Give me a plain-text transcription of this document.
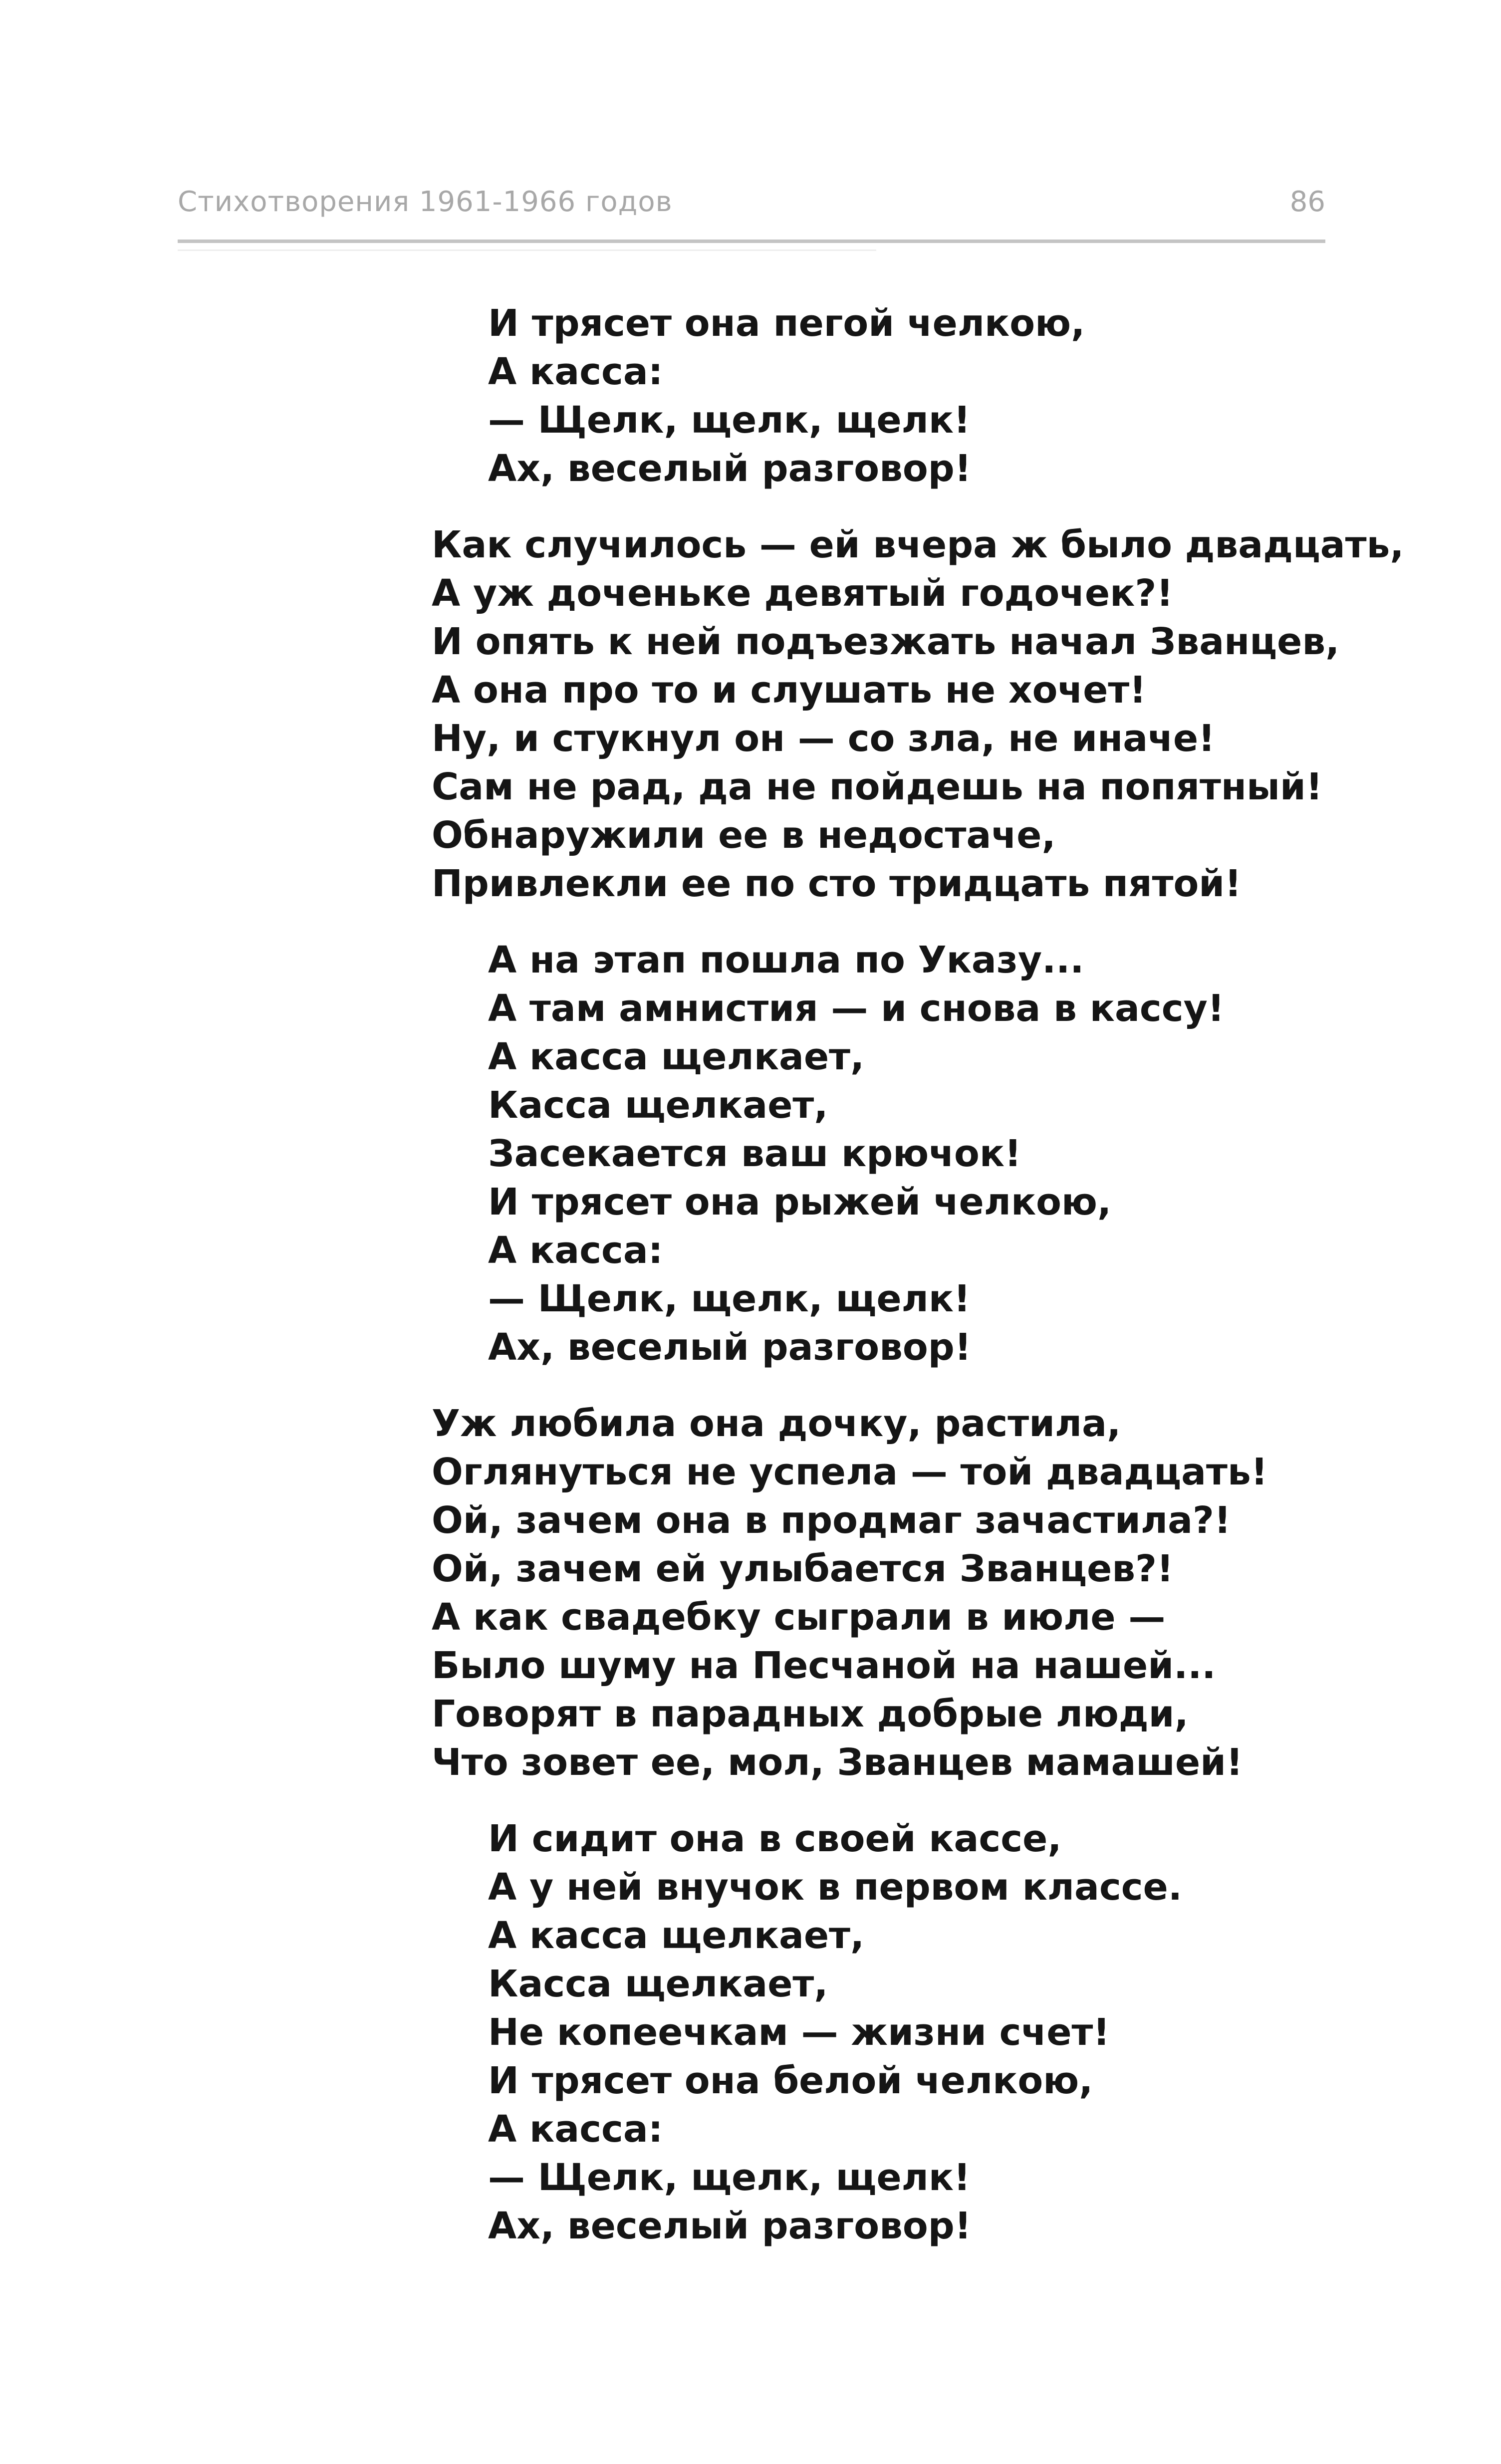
Стихотворения 1961-1966 годов	86
И трясет она пегой челкою,
А касса:
— Щелк, щелк, щелк!
Ах, веселый разговор!
Как случилось — ей вчера ж было двадцать,
А уж доченьке девятый годочек?!
И опять к ней подъезжать начал Званцев,
А она про то и слушать не хочет!
Ну, и стукнул он — со зла, не иначе!
Сам не рад, да не пойдешь на попятный!
Обнаружили ее в недостаче,
Привлекли ее по сто тридцать пятой!
А на этап пошла по Указу...
А там амнистия — и снова в кассу!
А касса щелкает,
Касса щелкает,
Засекается ваш крючок!
И трясет она рыжей челкою,
А касса:
— Щелк, щелк, щелк!
Ах, веселый разговор!
Уж любила она дочку, растила,
Оглянуться не успела — той двадцать!
Ой, зачем она в продмаг зачастила?!
Ой, зачем ей улыбается Званцев?!
А как свадебку сыграли в июле —
Было шуму на Песчаной на нашей...
Говорят в парадных добрые люди,
Что зовет ее, мол, Званцев мамашей!
И сидит она в своей кассе,
А у ней внучок в первом классе.
А касса щелкает,
Касса щелкает,
Не копеечкам — жизни счет!
И трясет она белой челкою,
А касса:
— Щелк, щелк, щелк!
Ах, веселый разговор!
